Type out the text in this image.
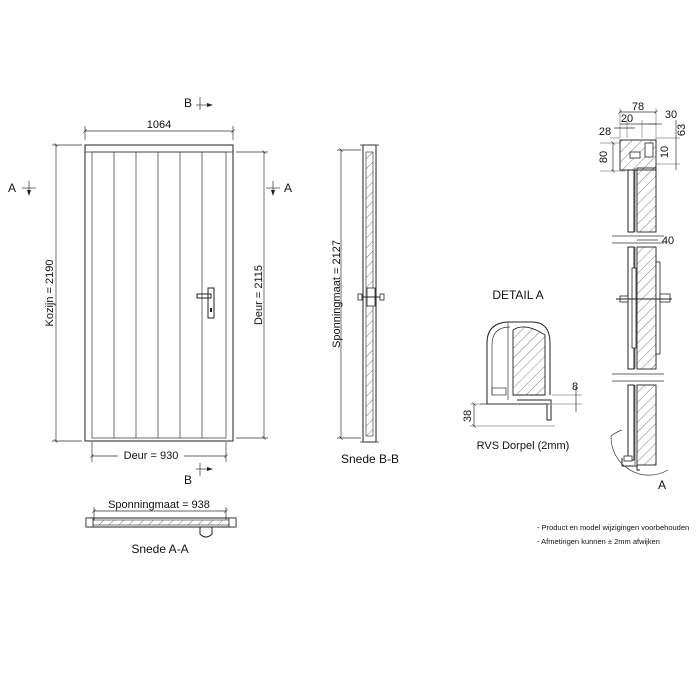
1064
Kozijn = 2190	Deur = 2115
Deur = 930
A	A
B
B
Sponningmaat = 938
Snede A-A
Sponningmaat = 2127
Snede B-B
DETAIL A
8
38
RVS Dorpel (2mm)
78
20	30
28	63
10
80
40
A
- Product en model wijzigingen voorbehouden
- Afmetingen kunnen ± 2mm afwijken
